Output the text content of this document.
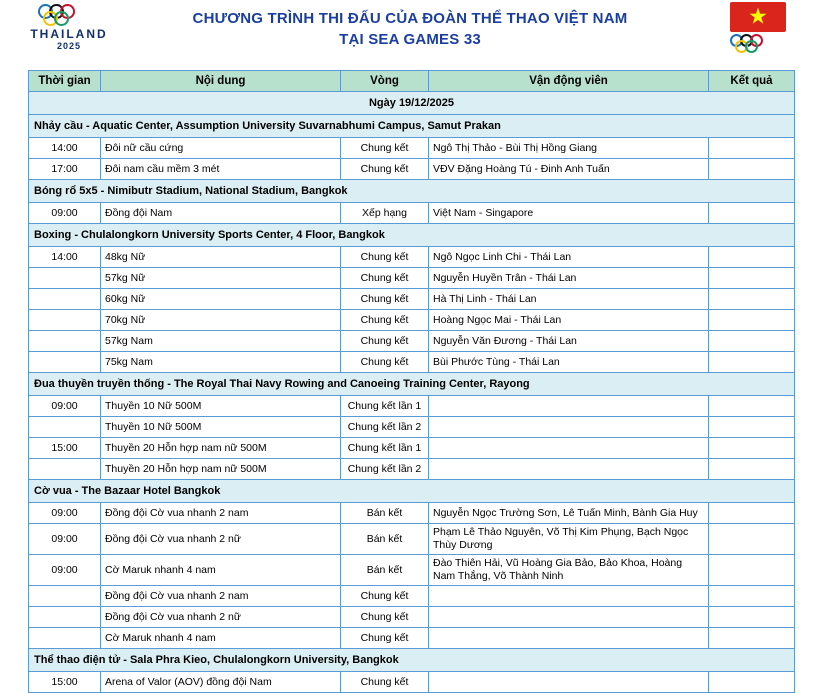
THAILAND
2025
CHƯƠNG TRÌNH THI ĐẤU CỦA ĐOÀN THỂ THAO VIỆT NAM
TẠI SEA GAMES 33
★
Thời gian	Nội dung	Vòng	Vận động viên	Kết quả
Ngày 19/12/2025				
Nhảy cầu - Aquatic Center, Assumption University Suvarnabhumi Campus, Samut Prakan				
14:00	Đôi nữ cầu cứng	Chung kết	Ngô Thị Thảo - Bùi Thị Hồng Giang	
17:00	Đôi nam cầu mềm 3 mét	Chung kết	VĐV Đặng Hoàng Tú - Đinh Anh Tuấn	
Bóng rổ 5x5 - Nimibutr Stadium, National Stadium, Bangkok				
09:00	Đồng đội Nam	Xếp hạng	Việt Nam - Singapore	
Boxing - Chulalongkorn University Sports Center, 4 Floor, Bangkok				
14:00	48kg Nữ	Chung kết	Ngô Ngọc Linh Chi - Thái Lan	
	57kg Nữ	Chung kết	Nguyễn Huyền Trân - Thái Lan	
	60kg Nữ	Chung kết	Hà Thị Linh - Thái Lan	
	70kg Nữ	Chung kết	Hoàng Ngọc Mai - Thái Lan	
	57kg Nam	Chung kết	Nguyễn Văn Đương - Thái Lan	
	75kg Nam	Chung kết	Bùi Phước Tùng - Thái Lan	
Đua thuyền truyền thống - The Royal Thai Navy Rowing and Canoeing Training Center, Rayong				
09:00	Thuyền 10 Nữ 500M	Chung kết lần 1		
	Thuyền 10 Nữ 500M	Chung kết lần 2		
15:00	Thuyền 20 Hỗn hợp nam nữ 500M	Chung kết lần 1		
	Thuyền 20 Hỗn hợp nam nữ 500M	Chung kết lần 2		
Cờ vua - The Bazaar Hotel Bangkok				
09:00	Đồng đội Cờ vua nhanh 2 nam	Bán kết	Nguyễn Ngọc Trường Sơn, Lê Tuấn Minh, Bành Gia Huy	
09:00	Đồng đội Cờ vua nhanh 2 nữ	Bán kết	Phạm Lê Thảo Nguyên, Võ Thị Kim Phụng, Bạch Ngọc Thùy Dương	
09:00	Cờ Maruk nhanh 4 nam	Bán kết	Đào Thiên Hải, Vũ Hoàng Gia Bảo, Bảo Khoa, Hoàng Nam Thắng, Võ Thành Ninh	
	Đồng đội Cờ vua nhanh 2 nam	Chung kết		
	Đồng đội Cờ vua nhanh 2 nữ	Chung kết		
	Cờ Maruk nhanh 4 nam	Chung kết		
Thể thao điện tử - Sala Phra Kieo, Chulalongkorn University, Bangkok				
15:00	Arena of Valor (AOV) đồng đội Nam	Chung kết		
